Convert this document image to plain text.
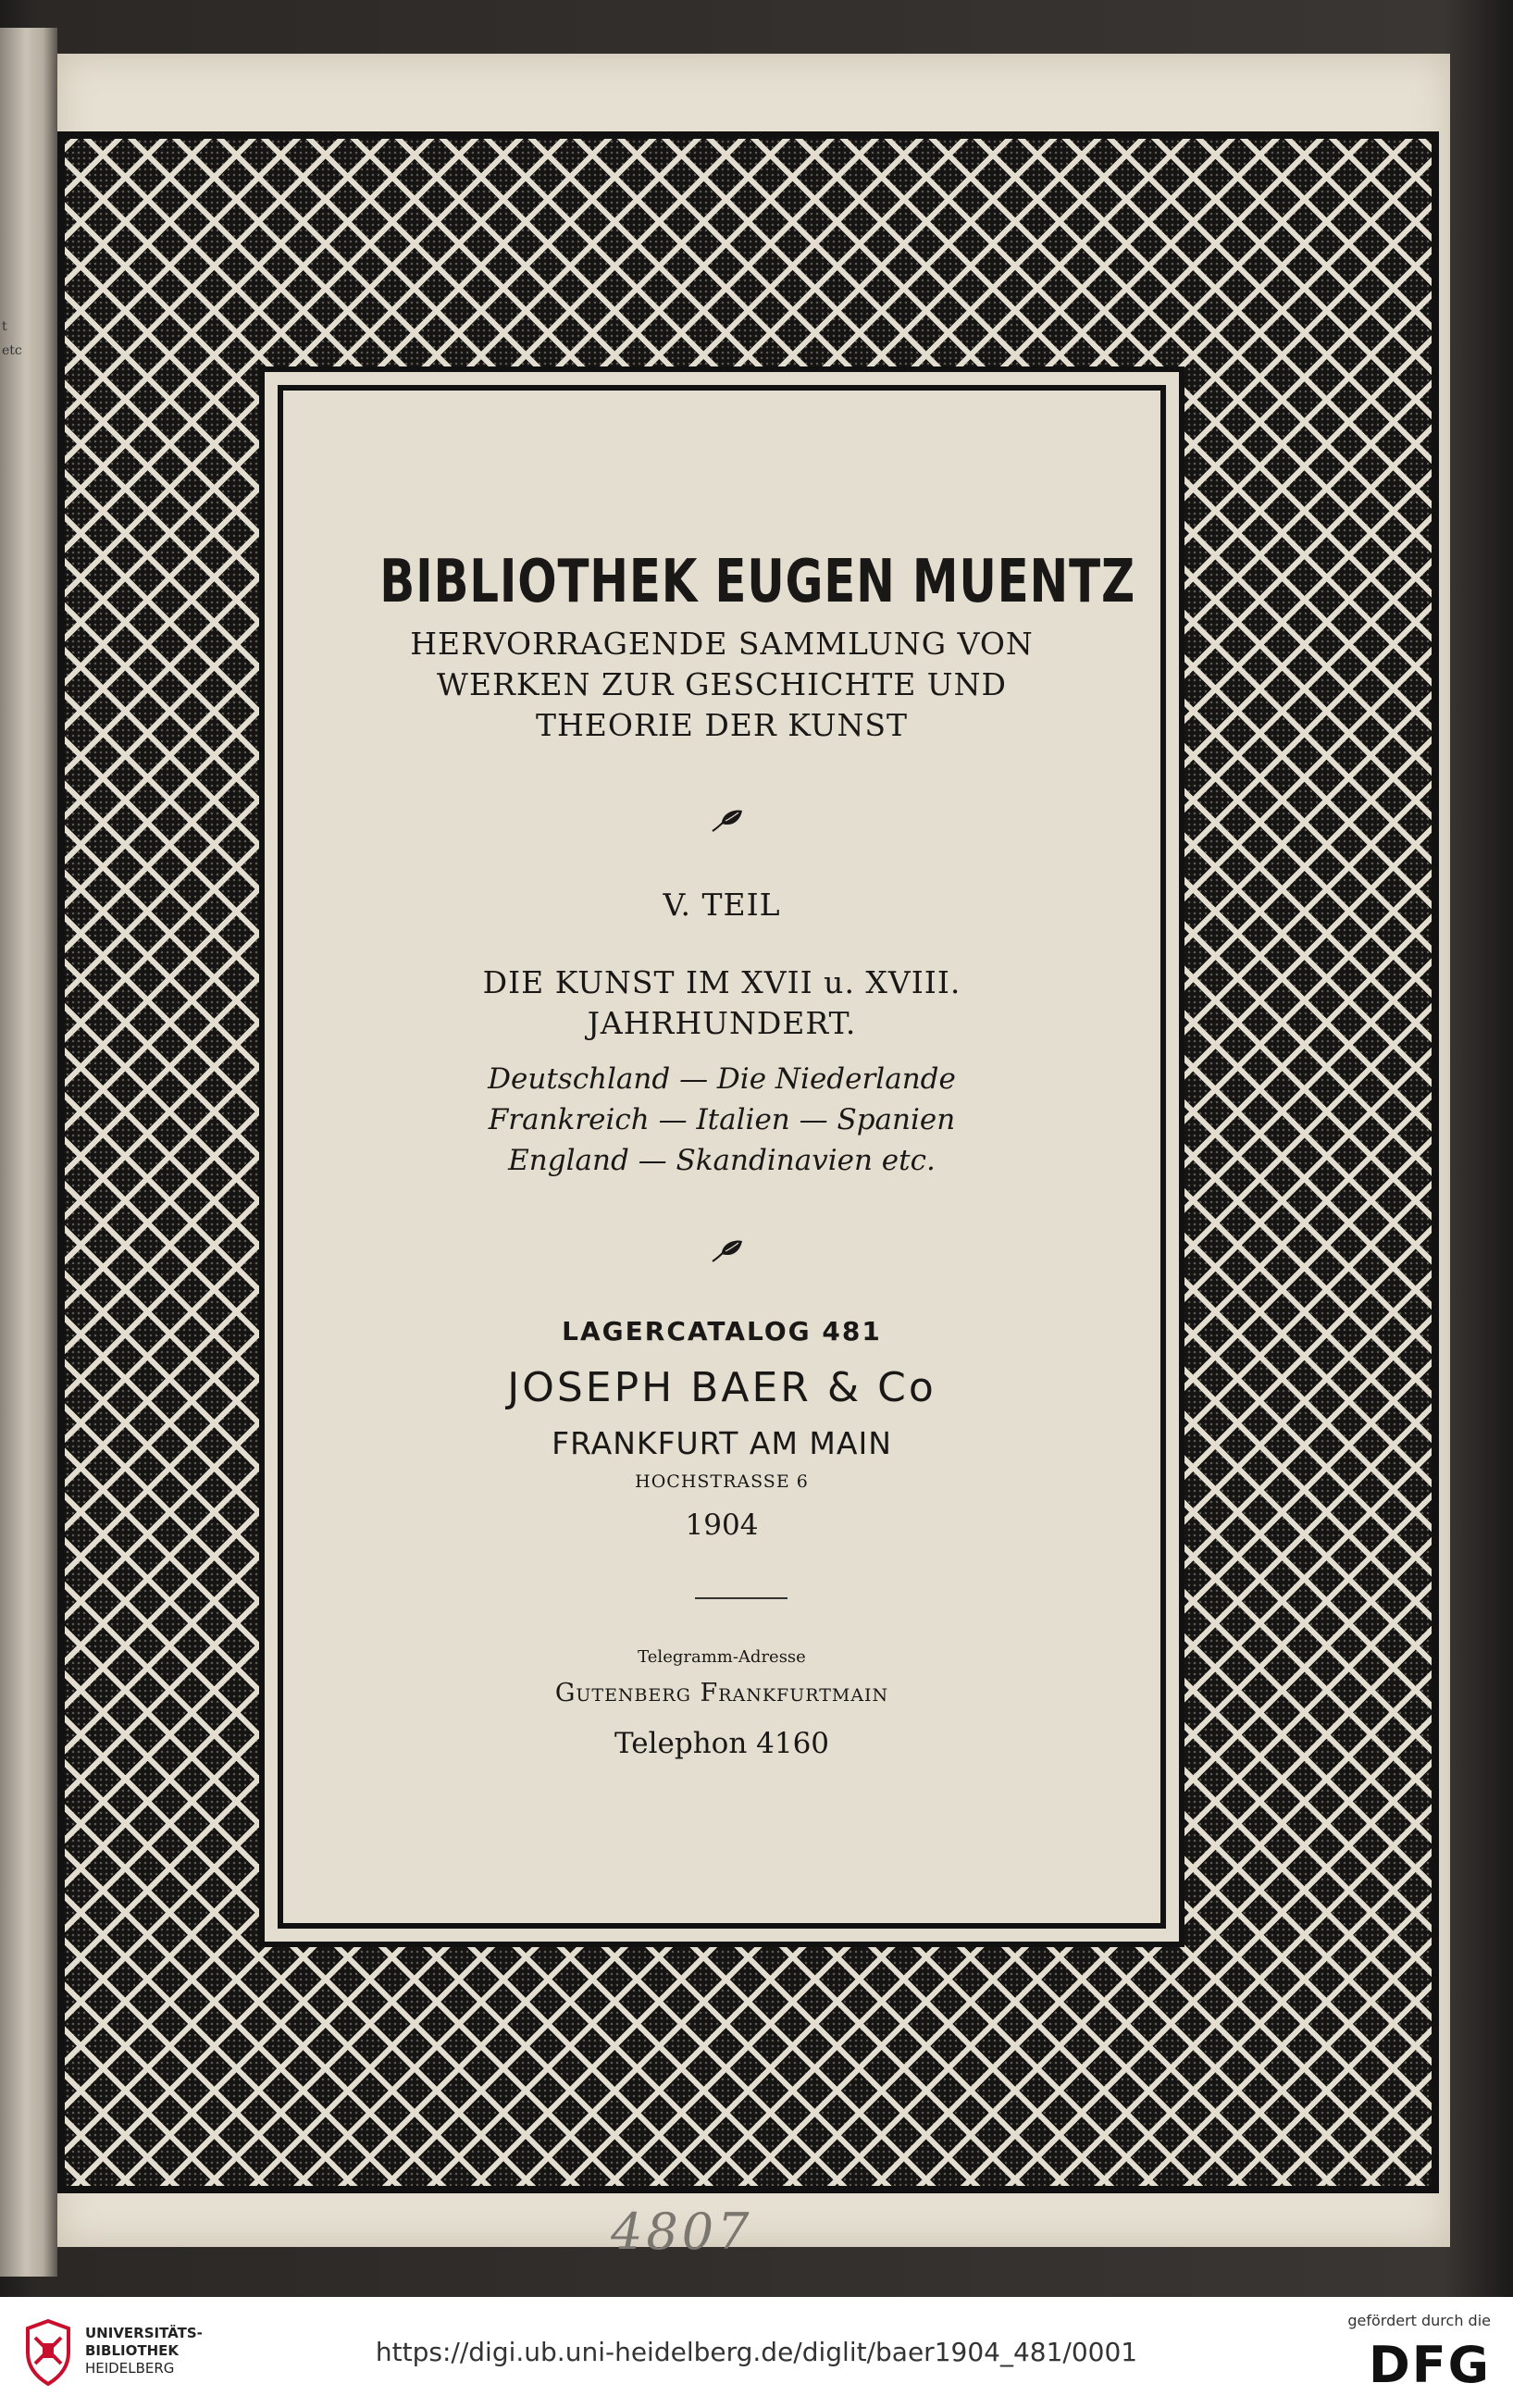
t
etc

BIBLIOTHEK EUGEN MUENTZ

HERVORRAGENDE SAMMLUNG VON
WERKEN ZUR GESCHICHTE UND
THEORIE DER KUNST

V. TEIL

DIE KUNST IM XVII u. XVIII.
JAHRHUNDERT.
Deutschland — Die Niederlande
Frankreich — Italien — Spanien
England — Skandinavien etc.

LAGERCATALOG 481

JOSEPH BAER & Co

FRANKFURT AM MAIN

HOCHSTRASSE 6

1904

Telegramm-Adresse

Gutenberg Frankfurtmain

Telephon 4160

4807
https://digi.ub.uni-heidelberg.de/diglit/baer1904_481/0001
UNIVERSITÄTS-
BIBLIOTHEK
HEIDELBERG
gefördert durch die
DFG
